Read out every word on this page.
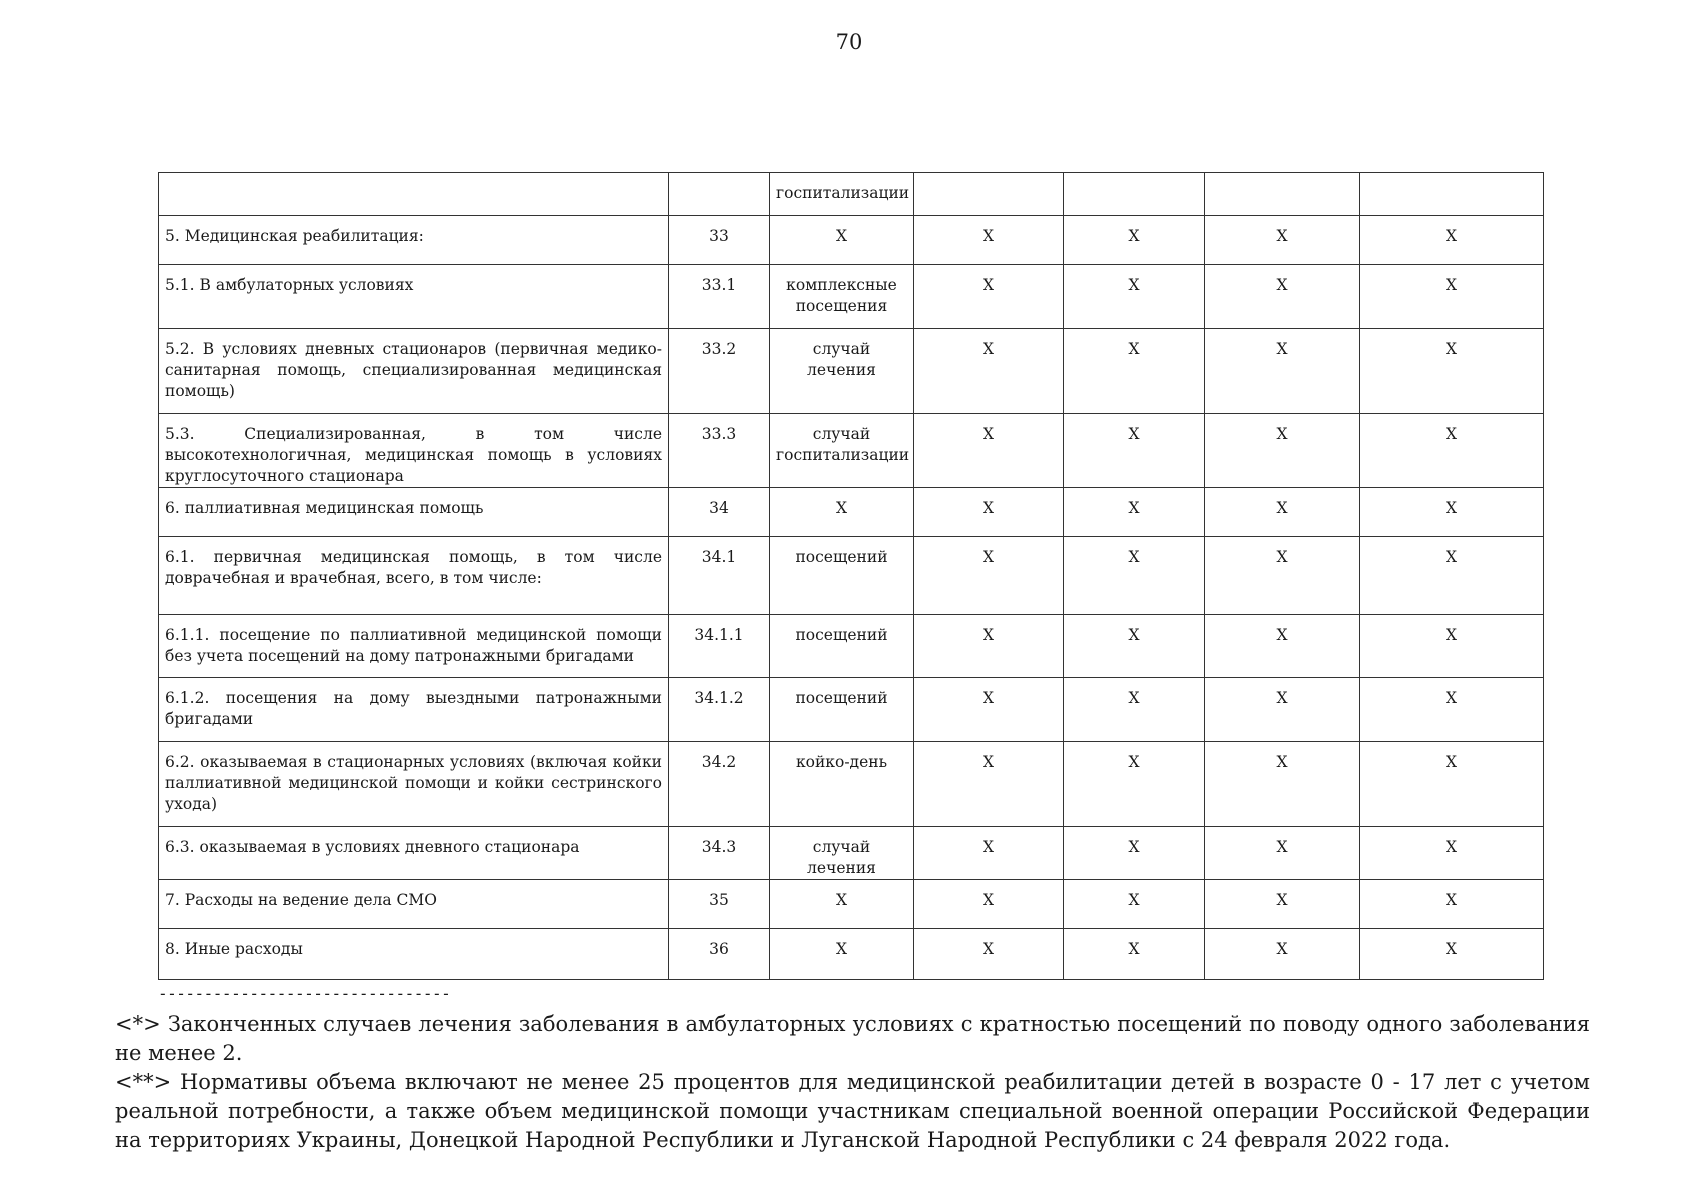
70
		госпитализации				
5. Медицинская реабилитация:	33	Х	Х	Х	Х	Х
5.1. В амбулаторных условиях	33.1	комплексные посещения	Х	Х	Х	Х
5.2. В условиях дневных стационаров (первичная медико-санитарная помощь, специализированная медицинская помощь)	33.2	случай лечения	Х	Х	Х	Х
5.3. Специализированная, в том числе высокотехнологичная, медицинская помощь в условиях круглосуточного стационара	33.3	случай госпитализации	Х	Х	Х	Х
6. паллиативная медицинская помощь	34	Х	Х	Х	Х	Х
6.1. первичная медицинская помощь, в том числе доврачебная и врачебная, всего, в том числе:	34.1	посещений	Х	Х	Х	Х
6.1.1. посещение по паллиативной медицинской помощи без учета посещений на дому патронажными бригадами	34.1.1	посещений	Х	Х	Х	Х
6.1.2. посещения на дому выездными патронажными бригадами	34.1.2	посещений	Х	Х	Х	Х
6.2. оказываемая в стационарных условиях (включая койки паллиативной медицинской помощи и койки сестринского ухода)	34.2	койко-день	Х	Х	Х	Х
6.3. оказываемая в условиях дневного стационара	34.3	случай лечения	Х	Х	Х	Х
7. Расходы на ведение дела СМО	35	Х	Х	Х	Х	Х
8. Иные расходы	36	Х	Х	Х	Х	Х
--------------------------------

<*> Законченных случаев лечения заболевания в амбулаторных условиях с кратностью посещений по поводу одного заболевания не менее 2.

<**> Нормативы объема включают не менее 25 процентов для медицинской реабилитации детей в возрасте 0 - 17 лет с учетом реальной потребности, а также объем медицинской помощи участникам специальной военной операции Российской Федерации на территориях Украины, Донецкой Народной Республики и Луганской Народной Республики с 24 февраля 2022 года.
